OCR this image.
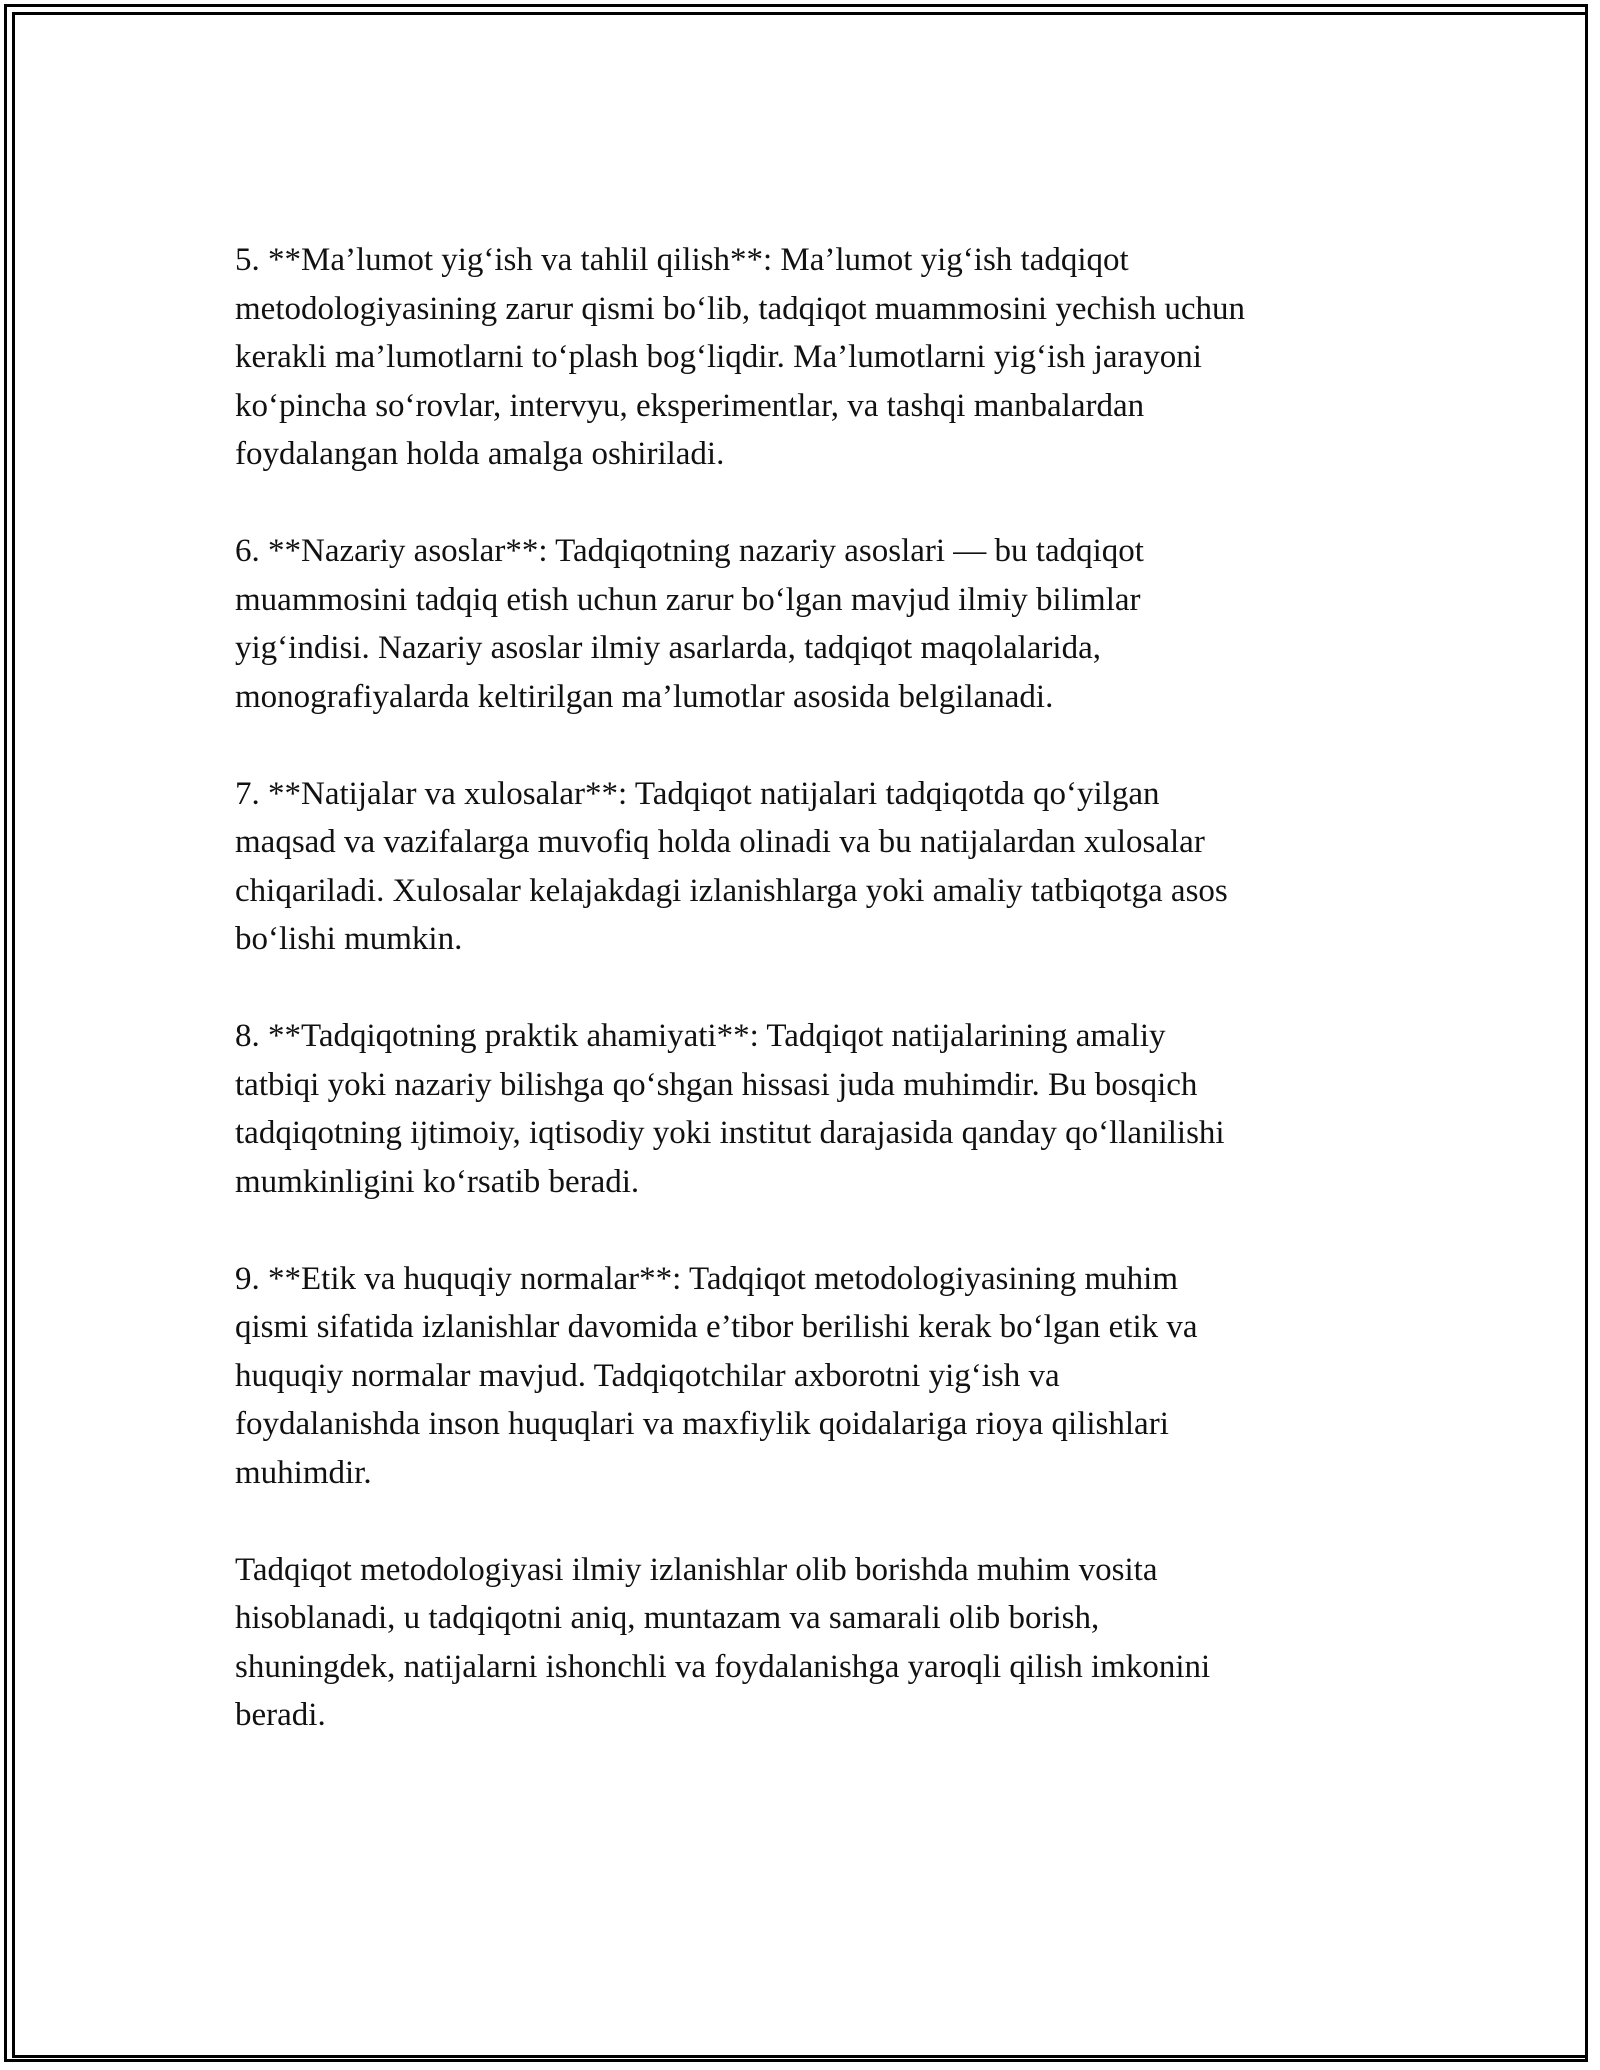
5. **Ma’lumot yig‘ish va tahlil qilish**: Ma’lumot yig‘ish tadqiqot
metodologiyasining zarur qismi bo‘lib, tadqiqot muammosini yechish uchun
kerakli ma’lumotlarni to‘plash bog‘liqdir. Ma’lumotlarni yig‘ish jarayoni
ko‘pincha so‘rovlar, intervyu, eksperimentlar, va tashqi manbalardan
foydalangan holda amalga oshiriladi.

6. **Nazariy asoslar**: Tadqiqotning nazariy asoslari — bu tadqiqot
muammosini tadqiq etish uchun zarur bo‘lgan mavjud ilmiy bilimlar
yig‘indisi. Nazariy asoslar ilmiy asarlarda, tadqiqot maqolalarida,
monografiyalarda keltirilgan ma’lumotlar asosida belgilanadi.

7. **Natijalar va xulosalar**: Tadqiqot natijalari tadqiqotda qo‘yilgan
maqsad va vazifalarga muvofiq holda olinadi va bu natijalardan xulosalar
chiqariladi. Xulosalar kelajakdagi izlanishlarga yoki amaliy tatbiqotga asos
bo‘lishi mumkin.

8. **Tadqiqotning praktik ahamiyati**: Tadqiqot natijalarining amaliy
tatbiqi yoki nazariy bilishga qo‘shgan hissasi juda muhimdir. Bu bosqich
tadqiqotning ijtimoiy, iqtisodiy yoki institut darajasida qanday qo‘llanilishi
mumkinligini ko‘rsatib beradi.

9. **Etik va huquqiy normalar**: Tadqiqot metodologiyasining muhim
qismi sifatida izlanishlar davomida e’tibor berilishi kerak bo‘lgan etik va
huquqiy normalar mavjud. Tadqiqotchilar axborotni yig‘ish va
foydalanishda inson huquqlari va maxfiylik qoidalariga rioya qilishlari
muhimdir.

Tadqiqot metodologiyasi ilmiy izlanishlar olib borishda muhim vosita
hisoblanadi, u tadqiqotni aniq, muntazam va samarali olib borish,
shuningdek, natijalarni ishonchli va foydalanishga yaroqli qilish imkonini
beradi.
